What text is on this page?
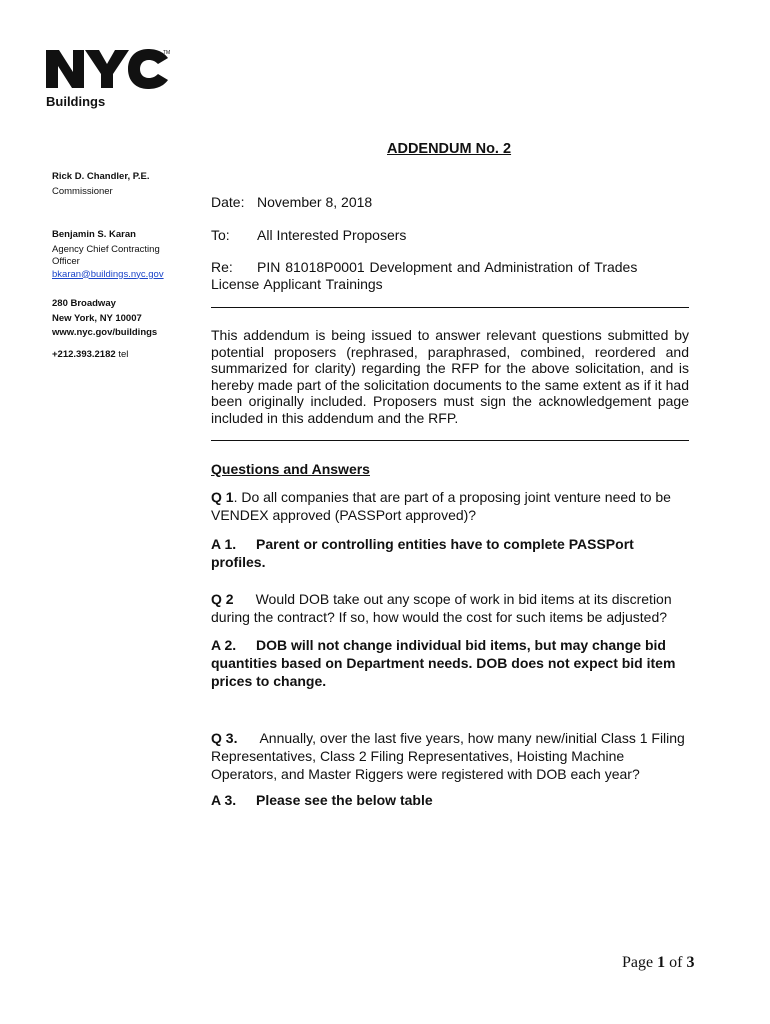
TM
Buildings
Rick D. Chandler, P.E.
Commissioner
Benjamin S. Karan
Agency Chief Contracting
Officer
bkaran@buildings.nyc.gov
280 Broadway
New York, NY 10007
www.nyc.gov/buildings
+212.393.2182 tel
ADDENDUM No. 2
Date: November 8, 2018
To: All Interested Proposers
Re: PIN 81018P0001 Development and Administration of Trades License Applicant Trainings
This addendum is being issued to answer relevant questions submitted by potential proposers (rephrased, paraphrased, combined, reordered and summarized for clarity) regarding the RFP for the above solicitation, and is hereby made part of the solicitation documents to the same extent as if it had been originally included. Proposers must sign the acknowledgement page included in this addendum and the RFP.
Questions and Answers
Q 1. Do all companies that are part of a proposing joint venture need to be VENDEX approved (PASSPort approved)?
A 1. Parent or controlling entities have to complete PASSPort profiles.
Q 2 Would DOB take out any scope of work in bid items at its discretion during the contract? If so, how would the cost for such items be adjusted?
A 2. DOB will not change individual bid items, but may change bid quantities based on Department needs. DOB does not expect bid item prices to change.
Q 3. Annually, over the last five years, how many new/initial Class 1 Filing Representatives, Class 2 Filing Representatives, Hoisting Machine Operators, and Master Riggers were registered with DOB each year?
A 3. Please see the below table
Page 1 of 3
